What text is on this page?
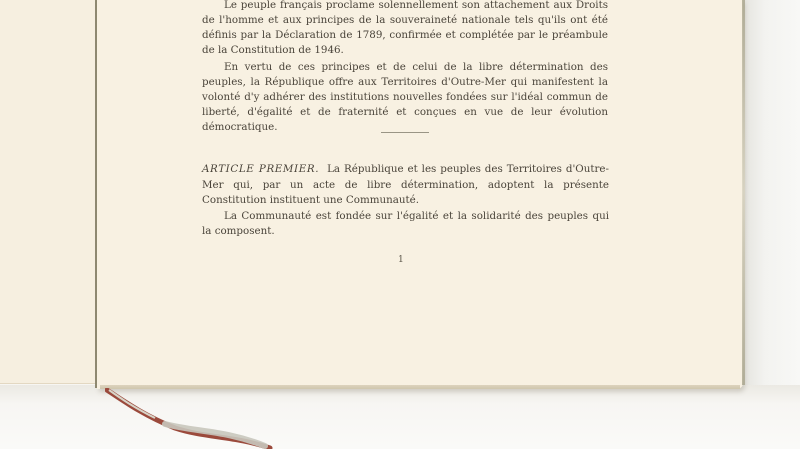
Le peuple français proclame solennellement son attachement aux Droits de l'homme et aux principes de la souveraineté nationale tels qu'ils ont été définis par la Déclaration de 1789, confirmée et complétée par le préambule de la Constitution de 1946.

En vertu de ces principes et de celui de la libre détermination des peuples, la République offre aux Territoires d'Outre-Mer qui manifestent la volonté d'y adhérer des institutions nouvelles fondées sur l'idéal commun de liberté, d'égalité et de fraternité et conçues en vue de leur évolution démocratique.

ARTICLE PREMIER. La République et les peuples des Territoires d'Outre-Mer qui, par un acte de libre détermination, adoptent la présente Constitution instituent une Communauté.

La Communauté est fondée sur l'égalité et la solidarité des peuples qui la composent.

1
